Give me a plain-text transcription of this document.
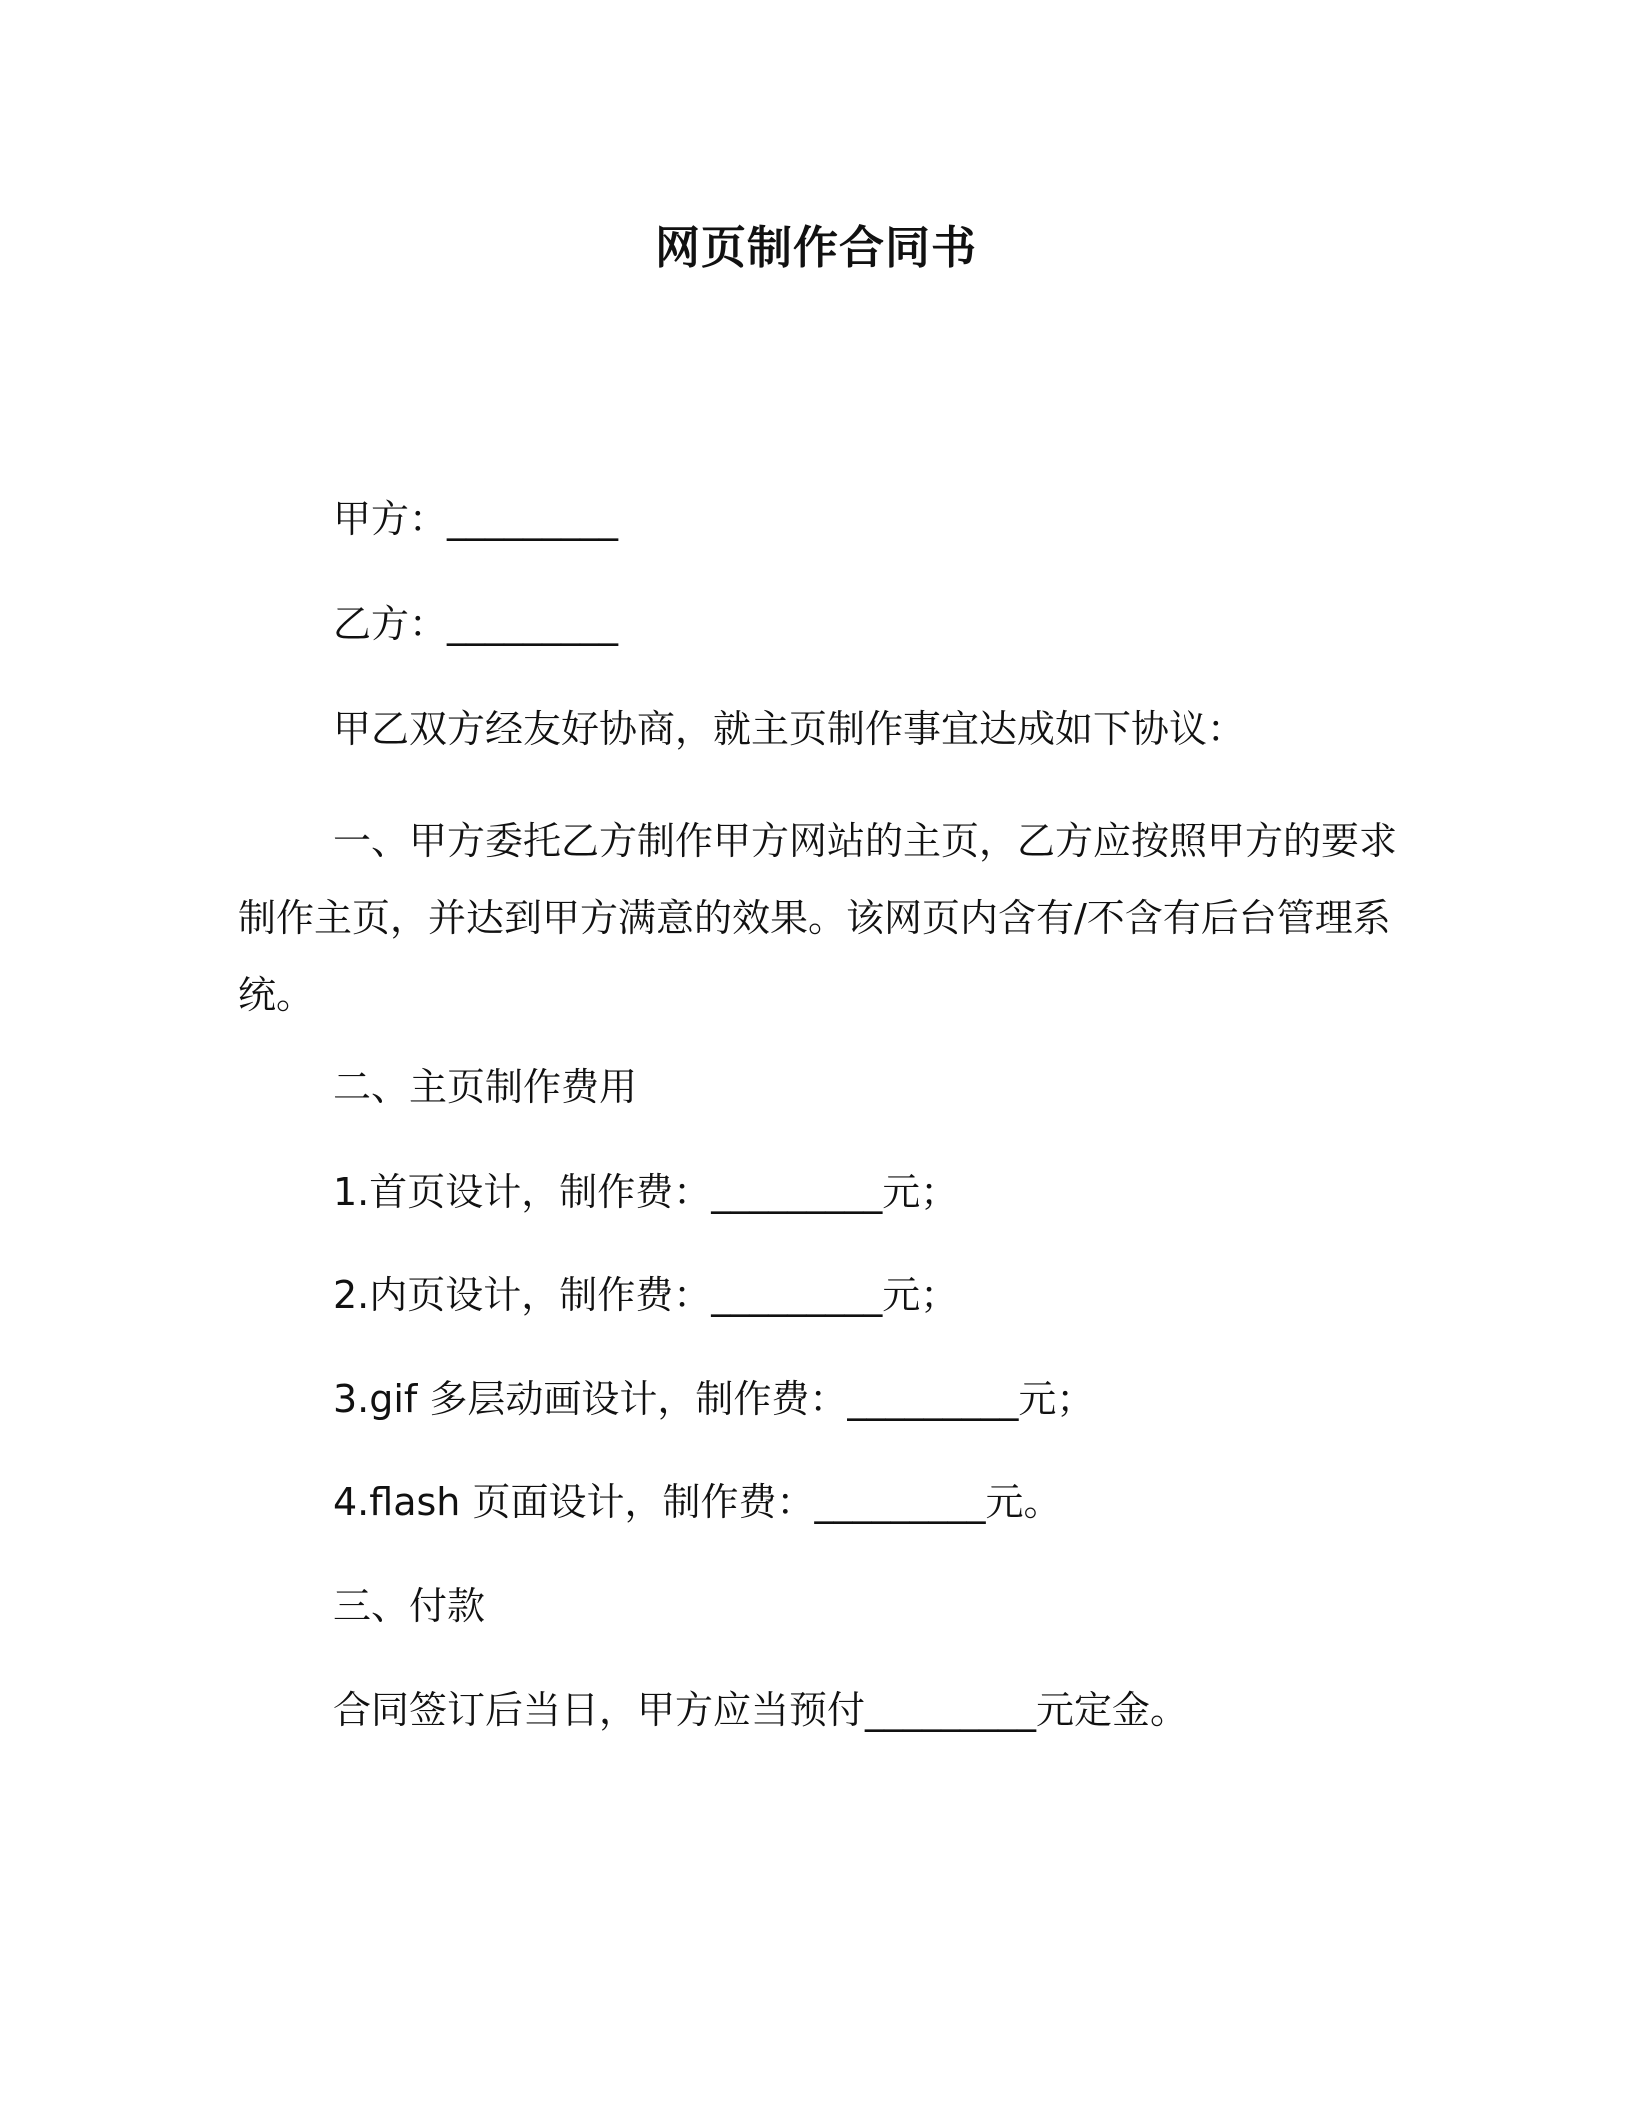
网页制作合同书
甲方：_________
乙方：_________
甲乙双方经友好协商，就主页制作事宜达成如下协议：
一、甲方委托乙方制作甲方网站的主页，乙方应按照甲方的要求
制作主页，并达到甲方满意的效果。该网页内含有/不含有后台管理系
统。
二、主页制作费用
1.首页设计，制作费：_________元；
2.内页设计，制作费：_________元；
3.gif 多层动画设计，制作费：_________元；
4.flash 页面设计，制作费：_________元。
三、付款
合同签订后当日，甲方应当预付_________元定金。
